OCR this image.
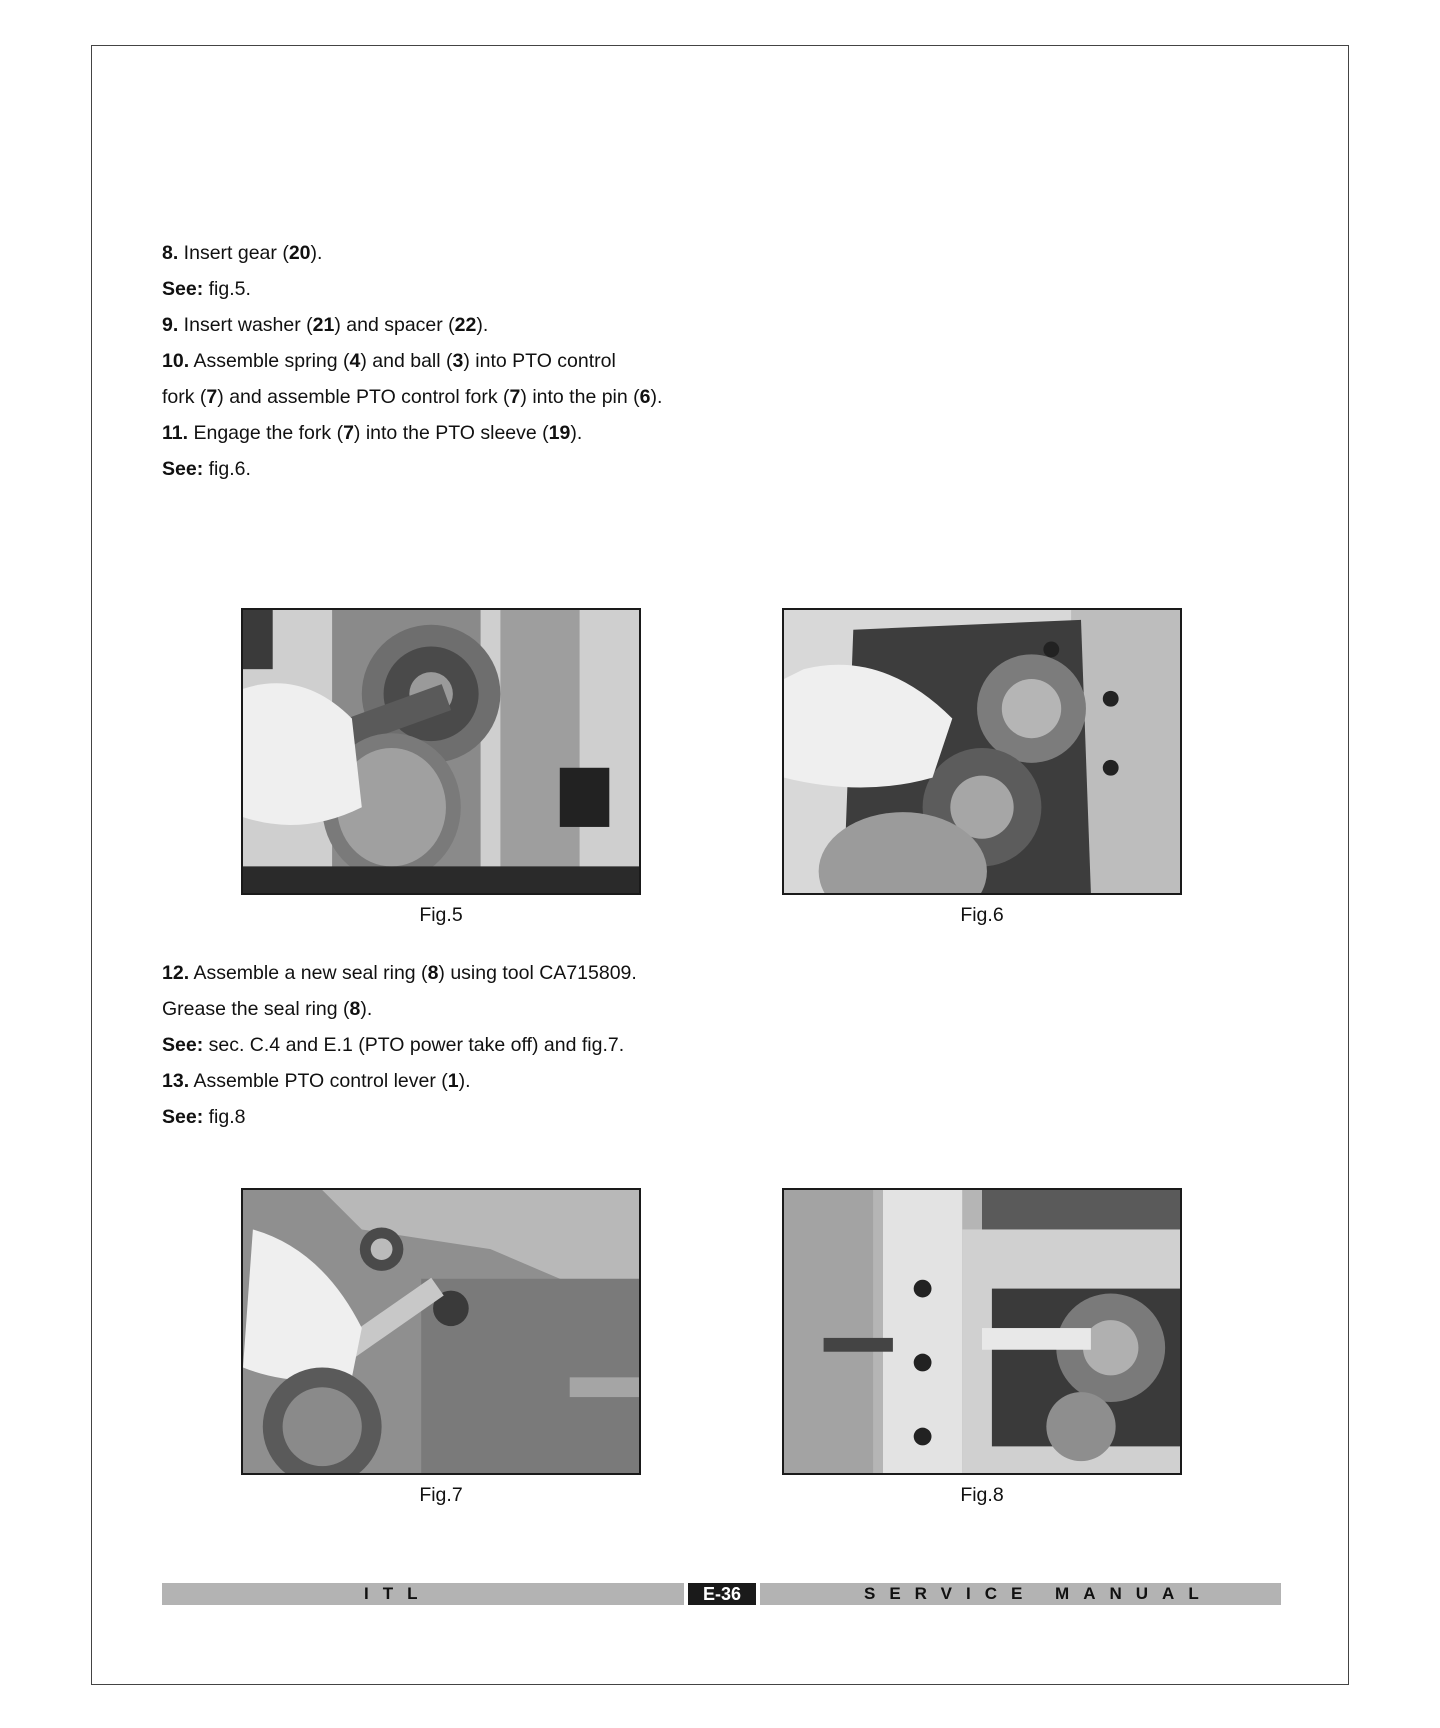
8. Insert gear (20).

See: fig.5.

9. Insert washer (21) and spacer (22).

10. Assemble spring (4) and ball (3) into PTO control

fork (7) and assemble PTO control fork (7) into the pin (6).

11. Engage the fork (7) into the PTO sleeve (19).

See: fig.6.

Fig.5	Fig.6

12. Assemble a new seal ring (8) using tool CA715809.

Grease the seal ring (8).

See: sec. C.4 and E.1 (PTO power take off) and fig.7.

13. Assemble PTO control lever (1).

See: fig.8

Fig.7	Fig.8
ITL	E-36	SERVICE MANUAL
